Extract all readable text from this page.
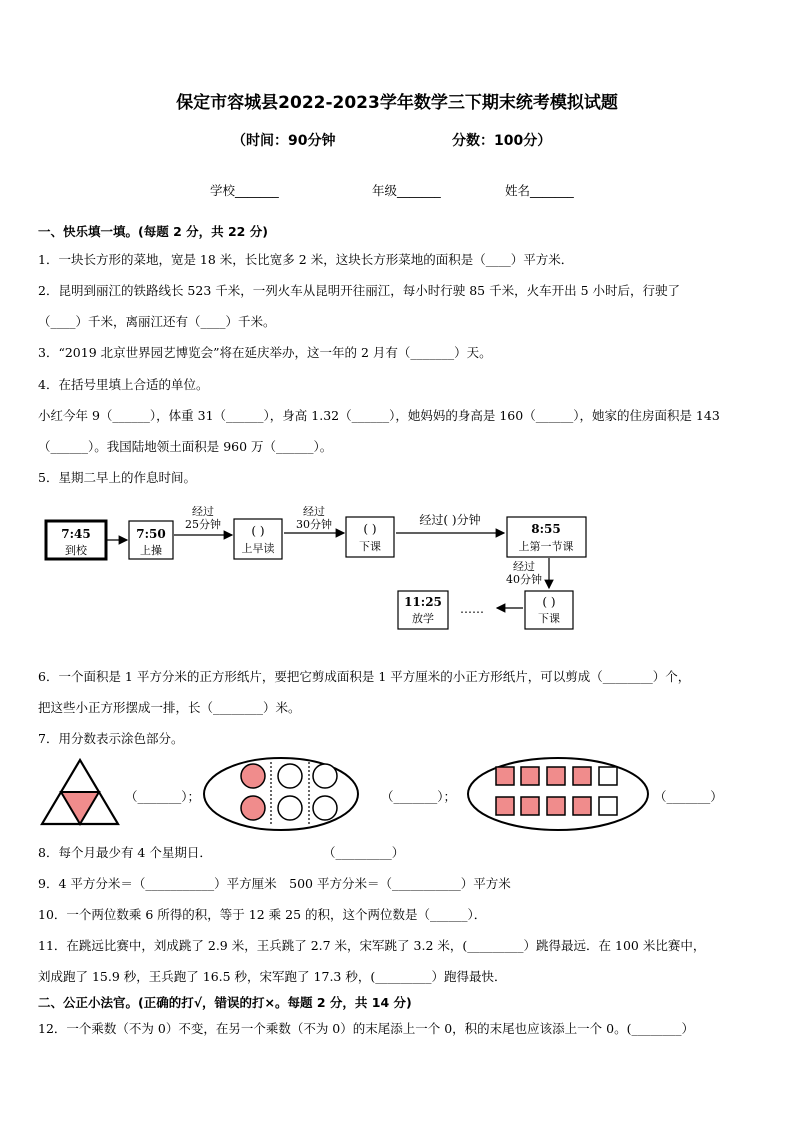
保定市容城县2022-2023学年数学三下期末统考模拟试题
（时间：90分钟	分数：100分）
学校_______	年级_______	姓名_______
一、快乐填一填。(每题 2 分，共 22 分)
1．一块长方形的菜地，宽是 18 米，长比宽多 2 米，这块长方形菜地的面积是（____）平方米．
2．昆明到丽江的铁路线长 523 千米，一列火车从昆明开往丽江，每小时行驶 85 千米，火车开出 5 小时后，行驶了
（____）千米，离丽江还有（____）千米。
3．“2019 北京世界园艺博览会”将在延庆举办，这一年的 2 月有（_______）天。
4．在括号里填上合适的单位。
小红今年 9（______），体重 31（______），身高 1.32（______），她妈妈的身高是 160（______），她家的住房面积是 143
（______）。我国陆地领土面积是 960 万（______）。
5．星期二早上的作息时间。
7:45
到校
7:50
上操
经过
25分钟	( )
上早读
经过
30分钟	( )
下课
经过( )分钟
8:55
上第一节课
经过
40分钟
( )
下课
……
11:25
放学
6．一个面积是 1 平方分米的正方形纸片，要把它剪成面积是 1 平方厘米的小正方形纸片，可以剪成（________）个，
把这些小正方形摆成一排，长（________）米。
7．用分数表示涂色部分。
（_______）；	（_______）；	（_______）
8．每个月最少有 4 个星期日．	（_________）
9．4 平方分米＝（___________）平方厘米　500 平方分米＝（___________）平方米
10．一个两位数乘 6 所得的积，等于 12 乘 25 的积，这个两位数是（______）．
11．在跳远比赛中，刘成跳了 2.9 米，王兵跳了 2.7 米，宋军跳了 3.2 米，(_________）跳得最远．在 100 米比赛中，
刘成跑了 15.9 秒，王兵跑了 16.5 秒，宋军跑了 17.3 秒，(_________）跑得最快．
二、公正小法官。(正确的打√，错误的打×。每题 2 分，共 14 分)
12．一个乘数（不为 0）不变，在另一个乘数（不为 0）的末尾添上一个 0，积的末尾也应该添上一个 0。(________）
